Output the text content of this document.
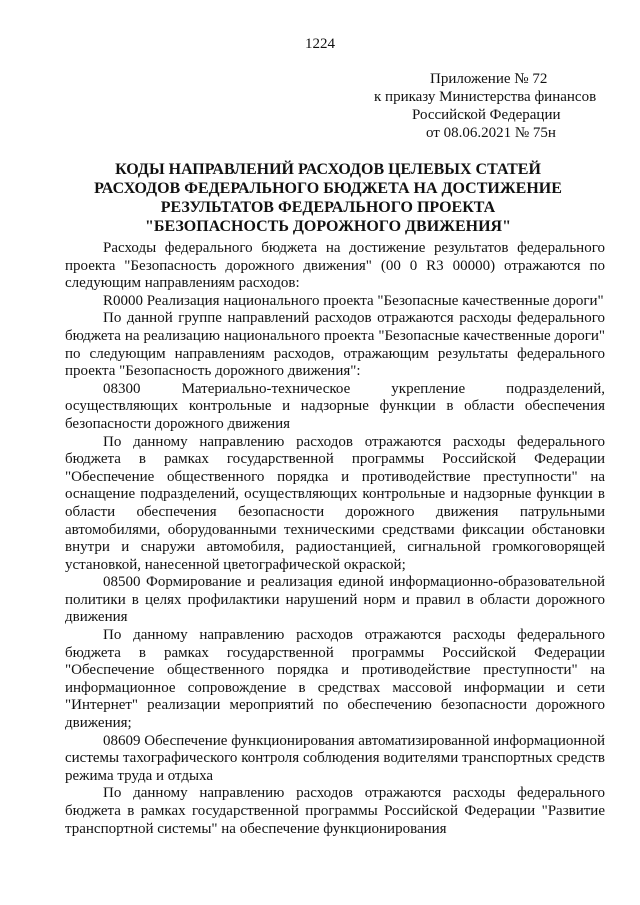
1224
Приложение № 72
к приказу Министерства финансов
Российской Федерации
от 08.06.2021 № 75н
КОДЫ НАПРАВЛЕНИЙ РАСХОДОВ ЦЕЛЕВЫХ СТАТЕЙ
РАСХОДОВ ФЕДЕРАЛЬНОГО БЮДЖЕТА НА ДОСТИЖЕНИЕ
РЕЗУЛЬТАТОВ ФЕДЕРАЛЬНОГО ПРОЕКТА
"БЕЗОПАСНОСТЬ ДОРОЖНОГО ДВИЖЕНИЯ"

Расходы федерального бюджета на достижение результатов федерального проекта "Безопасность дорожного движения" (00 0 R3 00000) отражаются по следующим направлениям расходов:

R0000 Реализация национального проекта "Безопасные качественные дороги"

По данной группе направлений расходов отражаются расходы федерального бюджета на реализацию национального проекта "Безопасные качественные дороги" по следующим направлениям расходов, отражающим результаты федерального проекта "Безопасность дорожного движения":

08300 Материально-техническое укрепление подразделений, осуществляющих контрольные и надзорные функции в области обеспечения безопасности дорожного движения

По данному направлению расходов отражаются расходы федерального бюджета в рамках государственной программы Российской Федерации "Обеспечение общественного порядка и противодействие преступности" на оснащение подразделений, осуществляющих контрольные и надзорные функции в области обеспечения безопасности дорожного движения патрульными автомобилями, оборудованными техническими средствами фиксации обстановки внутри и снаружи автомобиля, радиостанцией, сигнальной громкоговорящей установкой, нанесенной цветографической окраской;

08500 Формирование и реализация единой информационно-образовательной политики в целях профилактики нарушений норм и правил в области дорожного движения

По данному направлению расходов отражаются расходы федерального бюджета в рамках государственной программы Российской Федерации "Обеспечение общественного порядка и противодействие преступности" на информационное сопровождение в средствах массовой информации и сети "Интернет" реализации мероприятий по обеспечению безопасности дорожного движения;

08609 Обеспечение функционирования автоматизированной информационной системы тахографического контроля соблюдения водителями транспортных средств режима труда и отдыха

По данному направлению расходов отражаются расходы федерального бюджета в рамках государственной программы Российской Федерации "Развитие транспортной системы" на обеспечение функционирования
